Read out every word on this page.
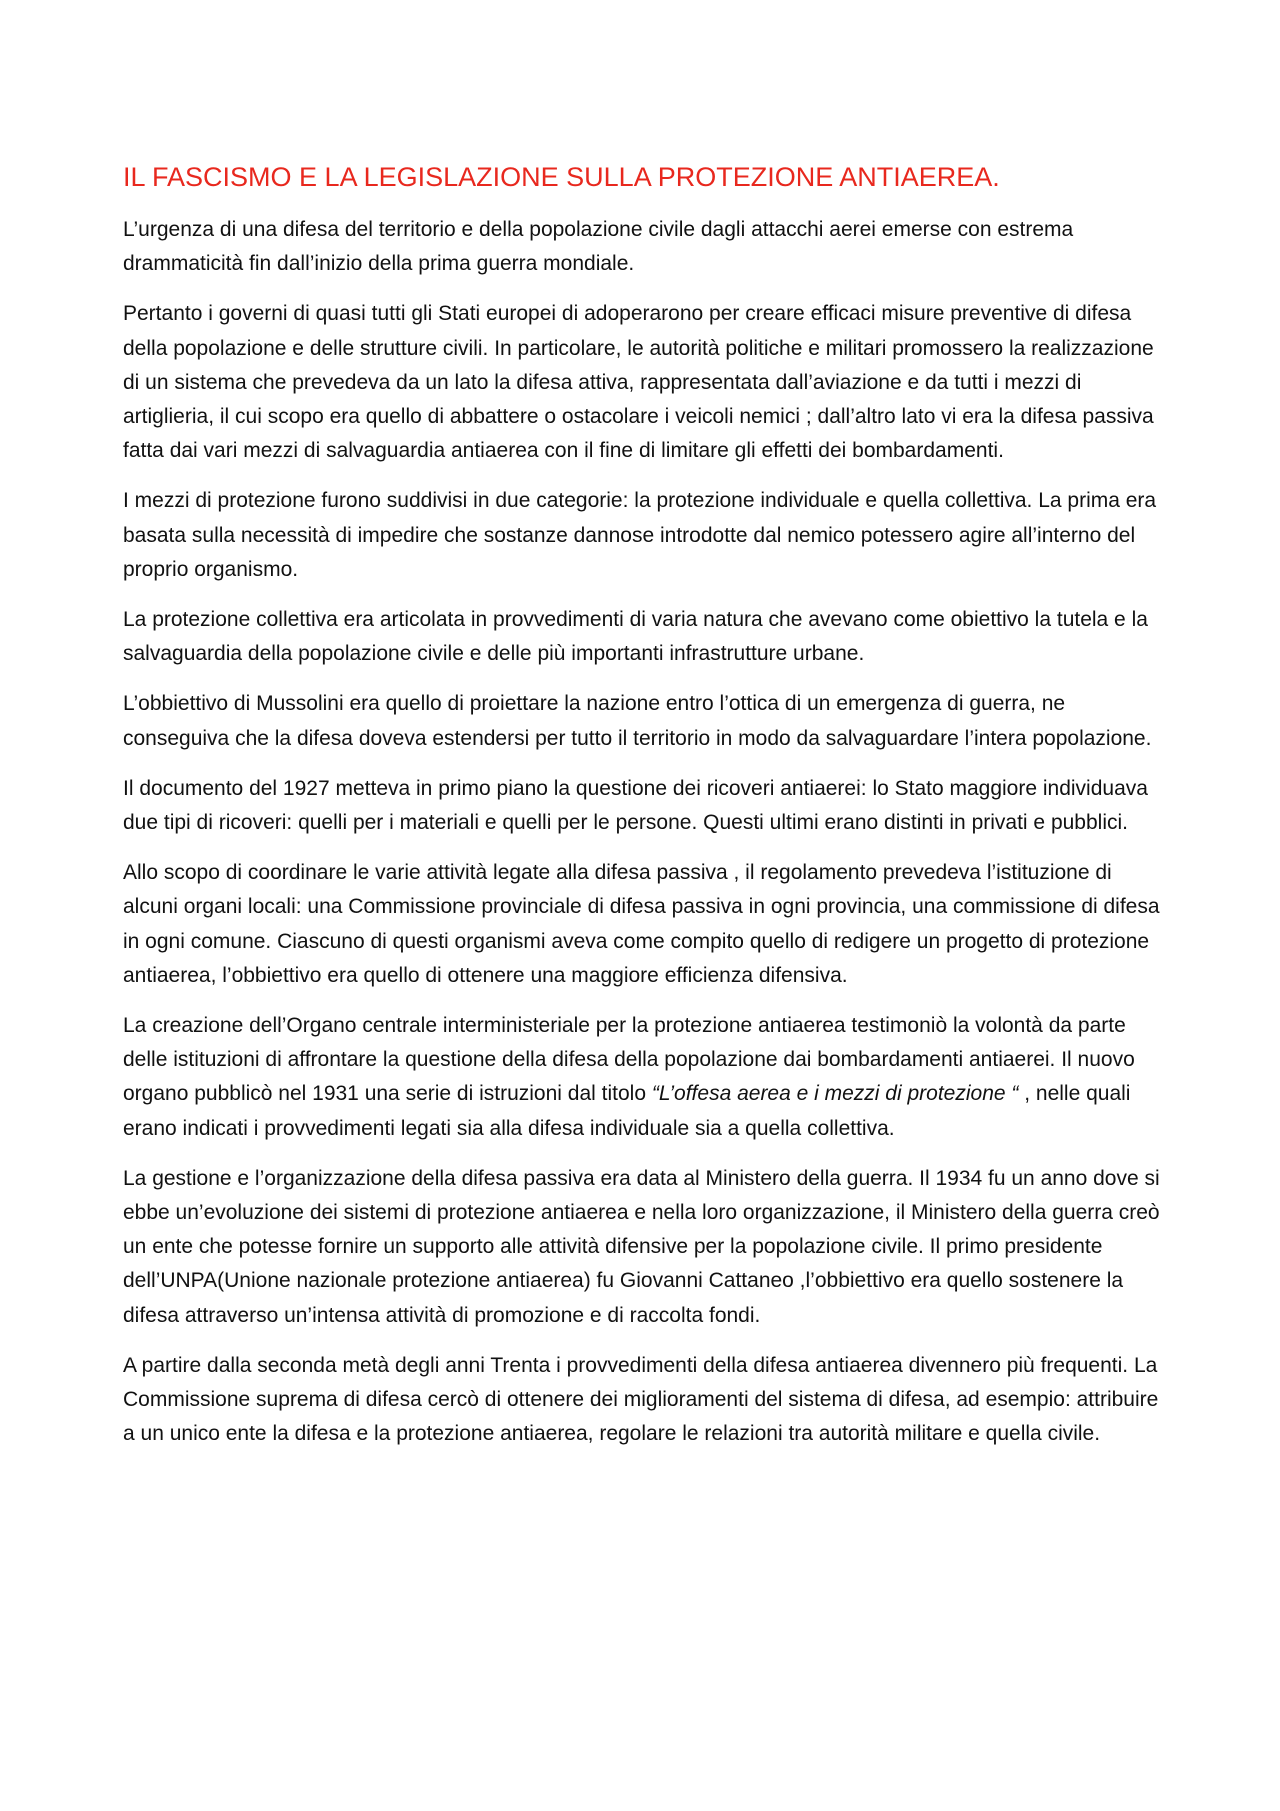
IL FASCISMO E LA LEGISLAZIONE SULLA PROTEZIONE ANTIAEREA.

L’urgenza di una difesa del territorio e della popolazione civile dagli attacchi aerei emerse con estrema drammaticità fin dall’inizio della prima guerra mondiale.

Pertanto i governi di quasi tutti gli Stati europei di adoperarono per creare efficaci misure preventive di difesa della popolazione e delle strutture civili. In particolare, le autorità politiche e militari promossero la realizzazione di un sistema che prevedeva da un lato la difesa attiva, rappresentata dall’aviazione e da tutti i mezzi di artiglieria, il cui scopo era quello di abbattere o ostacolare i veicoli nemici ; dall’altro lato vi era la difesa passiva fatta dai vari mezzi di salvaguardia antiaerea con il fine di limitare gli effetti dei bombardamenti.

I mezzi di protezione furono suddivisi in due categorie: la protezione individuale e quella collettiva. La prima era basata sulla necessità di impedire che sostanze dannose introdotte dal nemico potessero agire all’interno del proprio organismo.

La protezione collettiva era articolata in provvedimenti di varia natura che avevano come obiettivo la tutela e la salvaguardia della popolazione civile e delle più importanti infrastrutture urbane.

L’obbiettivo di Mussolini era quello di proiettare la nazione entro l’ottica di un emergenza di guerra, ne conseguiva che la difesa doveva estendersi per tutto il territorio in modo da salvaguardare l’intera popolazione.

Il documento del 1927 metteva in primo piano la questione dei ricoveri antiaerei: lo Stato maggiore individuava due tipi di ricoveri: quelli per i materiali e quelli per le persone. Questi ultimi erano distinti in privati e pubblici.

Allo scopo di coordinare le varie attività legate alla difesa passiva , il regolamento prevedeva l’istituzione di alcuni organi locali: una Commissione provinciale di difesa passiva in ogni provincia, una commissione di difesa in ogni comune. Ciascuno di questi organismi aveva come compito quello di redigere un progetto di protezione antiaerea, l’obbiettivo era quello di ottenere una maggiore efficienza difensiva.

La creazione dell’Organo centrale interministeriale per la protezione antiaerea testimoniò la volontà da parte delle istituzioni di affrontare la questione della difesa della popolazione dai bombardamenti antiaerei. Il nuovo organo pubblicò nel 1931 una serie di istruzioni dal titolo “L’offesa aerea e i mezzi di protezione “ , nelle quali erano indicati i provvedimenti legati sia alla difesa individuale sia a quella collettiva.

La gestione e l’organizzazione della difesa passiva era data al Ministero della guerra. Il 1934 fu un anno dove si ebbe un’evoluzione dei sistemi di protezione antiaerea e nella loro organizzazione, il Ministero della guerra creò un ente che potesse fornire un supporto alle attività difensive per la popolazione civile. Il primo presidente dell’UNPA(Unione nazionale protezione antiaerea) fu Giovanni Cattaneo ,l’obbiettivo era quello sostenere la difesa attraverso un’intensa attività di promozione e di raccolta fondi.

A partire dalla seconda metà degli anni Trenta i provvedimenti della difesa antiaerea divennero più frequenti. La Commissione suprema di difesa cercò di ottenere dei miglioramenti del sistema di difesa, ad esempio: attribuire a un unico ente la difesa e la protezione antiaerea, regolare le relazioni tra autorità militare e quella civile.
